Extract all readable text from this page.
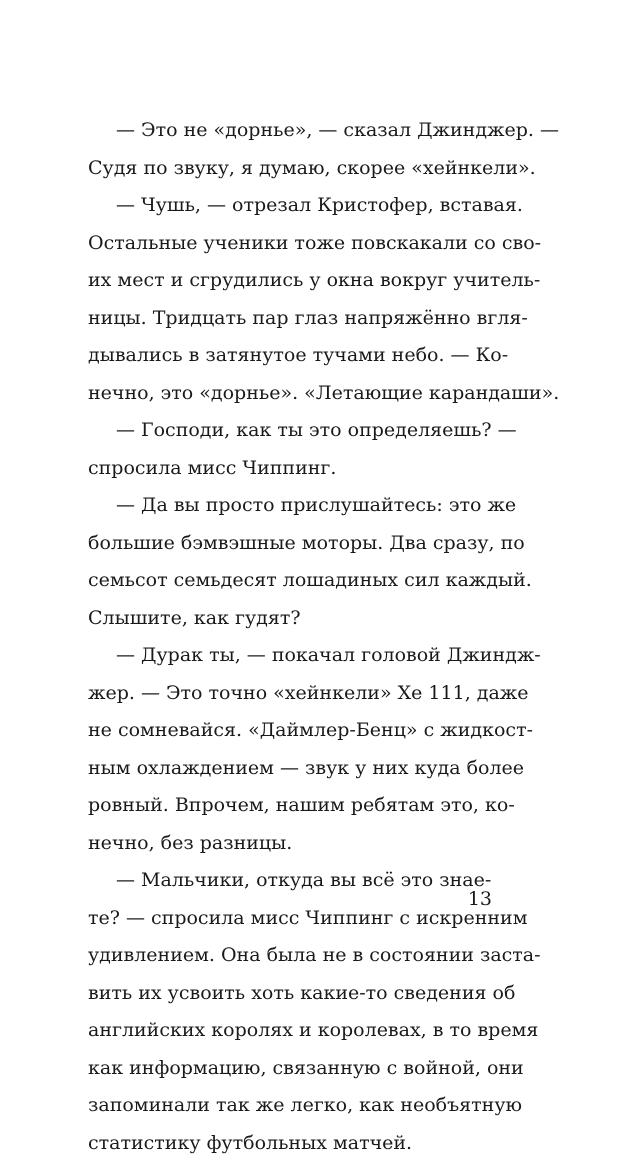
— Это не «дорнье», — сказал Джинджер. —
Судя по звуку, я думаю, скорее «хейнкели».
— Чушь, — отрезал Кристофер, вставая.
Остальные ученики тоже повскакали со сво-
их мест и сгрудились у окна вокруг учитель-
ницы. Тридцать пар глаз напряжённо вгля-
дывались в затянутое тучами небо. — Ко-
нечно, это «дорнье». «Летающие карандаши».
— Господи, как ты это определяешь? —
спросила мисс Чиппинг.
— Да вы просто прислушайтесь: это же
большие бэмвэшные моторы. Два сразу, по
семьсот семьдесят лошадиных сил каждый.
Слышите, как гудят?
— Дурак ты, — покачал головой Джиндж-
жер. — Это точно «хейнкели» Хе 111, даже
не сомневайся. «Даймлер-Бенц» с жидкост-
ным охлаждением — звук у них куда более
ровный. Впрочем, нашим ребятам это, ко-
нечно, без разницы.
— Мальчики, откуда вы всё это знае-
те? — спросила мисс Чиппинг с искренним
удивлением. Она была не в состоянии заста-
вить их усвоить хоть какие-то сведения об
английских королях и королевах, в то время
как информацию, связанную с войной, они
запоминали так же легко, как необъятную
статистику футбольных матчей.
13
